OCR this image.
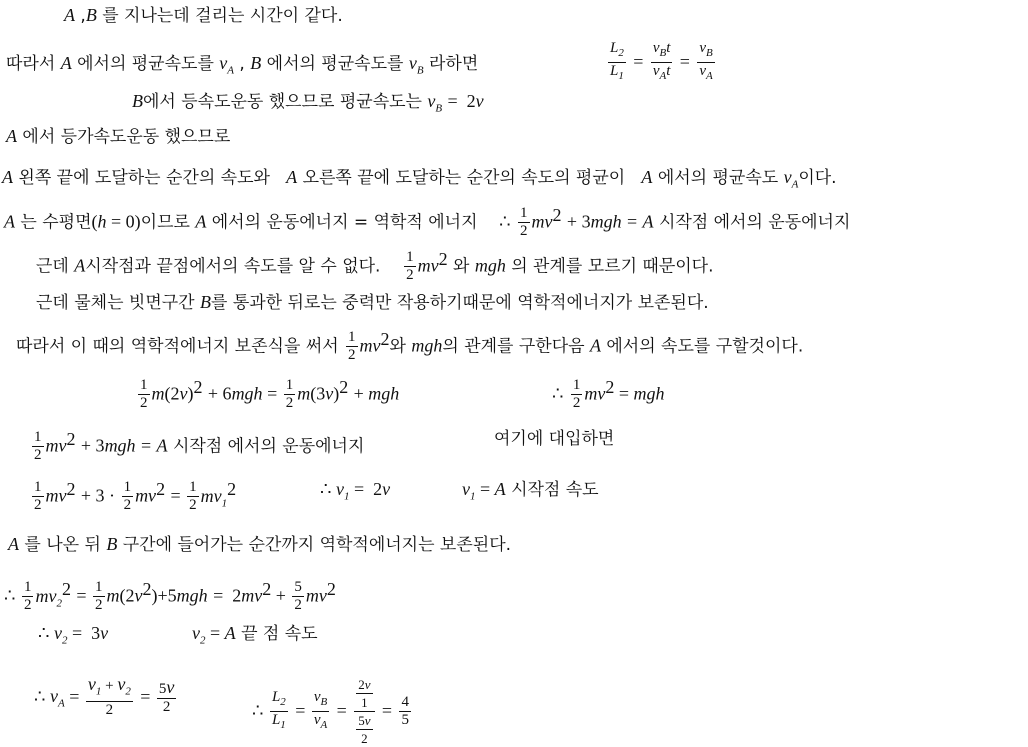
A ,B 를 지나는데 걸리는 시간이 같다.
따라서 A 에서의 평균속도를 $v_A$ , B 에서의 평균속도를 $v_B$ 라하면	$\frac{L_2}{L_1} = \frac{v_Bt}{v_At} = \frac{v_B}{v_A}$
B에서 등속도운동 했으므로 평균속도는 $v_B = 2v$
A 에서 등가속도운동 했으므로
A 왼쪽 끝에 도달하는 순간의 속도와 A 오른쪽 끝에 도달하는 순간의 속도의 평균이 A 에서의 평균속도 $v_A$이다.
A 는 수평면(h = 0)이므로 A 에서의 운동에너지 = 역학적 에너지 ∴ $\frac{1}{2} mv^2 + 3mgh = A$ 시작점 에서의 운동에너지
근데 A시작점과 끝점에서의 속도를 알 수 없다. $\frac{1}{2} mv^2$ 와 mgh 의 관계를 모르기 때문이다.
근데 물체는 빗면구간 B를 통과한 뒤로는 중력만 작용하기때문에 역학적에너지가 보존된다.
따라서 이 때의 역학적에너지 보존식을 써서 $\frac{1}{2} mv^2$와 mgh의 관계를 구한다음 A 에서의 속도를 구할것이다.
$\frac{1}{2} m(2v)^2 + 6mgh = \frac{1}{2} m(3v)^2$ + mgh	∴ $\frac{1}{2} mv^2$ = mgh
$\frac{1}{2} mv^2 + 3mgh = A$ 시작점 에서의 운동에너지	여기에 대입하면
$\frac{1}{2} mv^2 + 3 \cdot \frac{1}{2} mv^2 = \frac{1}{2} mv_1^2$	∴ $v_1 = 2v$	$v_1 = A$ 시작점 속도
A 를 나온 뒤 B 구간에 들어가는 순간까지 역학적에너지는 보존된다.
∴ $\frac{1}{2} mv_2^2 = \frac{1}{2} m(2v^2)+5mgh = 2mv^2 + \frac{5}{2} mv^2$
∴ $v_2 = 3v$	$v_2 = A$ 끝 점 속도
∴ $v_A = \frac{v_1 + v_2}{2} = \frac{5v}{2}$	∴ $\frac{L_2}{L_1} = \frac{v_B}{v_A} = \frac{\frac{2v}{1}}{\frac{5v}{2}} = \frac{4}{5}$
